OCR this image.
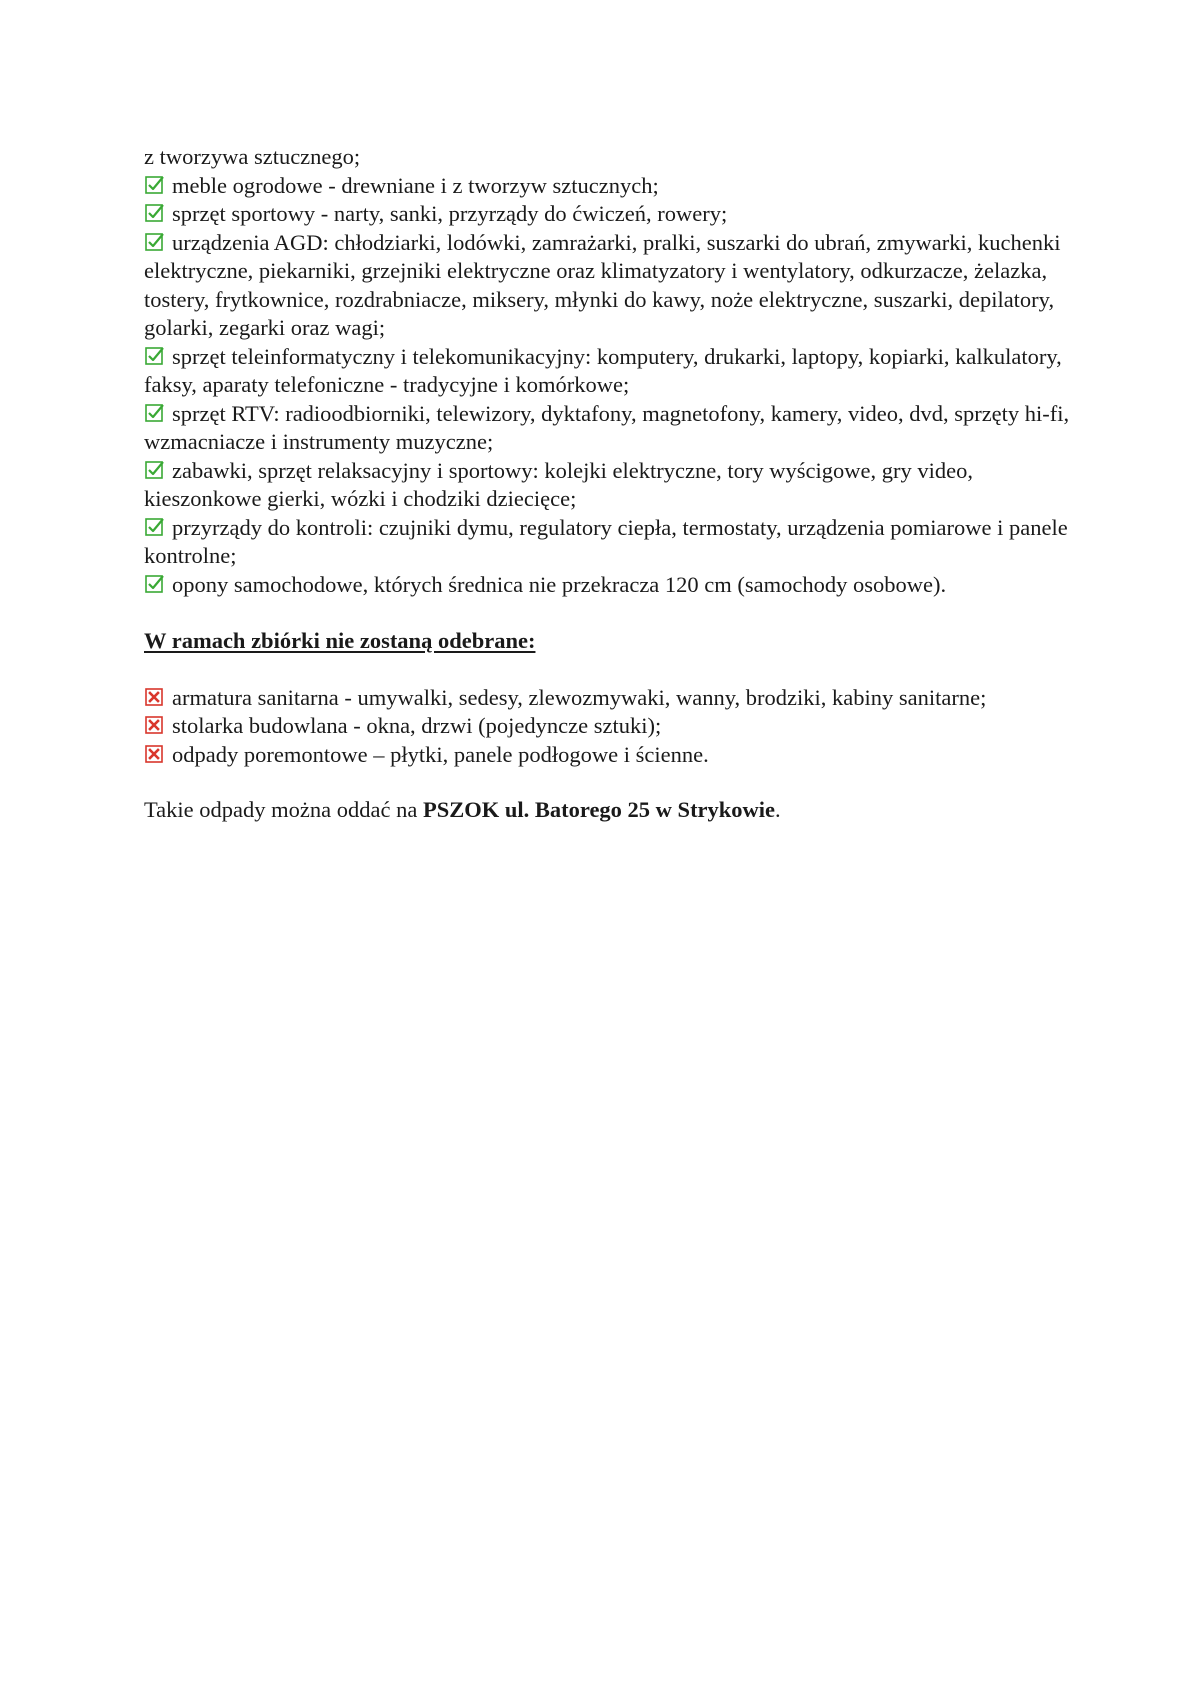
z tworzywa sztucznego;

meble ogrodowe - drewniane i z tworzyw sztucznych;

sprzęt sportowy - narty, sanki, przyrządy do ćwiczeń, rowery;

urządzenia AGD: chłodziarki, lodówki, zamrażarki, pralki, suszarki do ubrań, zmywarki, kuchenki elektryczne, piekarniki, grzejniki elektryczne oraz klimatyzatory i wentylatory, odkurzacze, żelazka, tostery, frytkownice, rozdrabniacze, miksery, młynki do kawy, noże elektryczne, suszarki, depilatory, golarki, zegarki oraz wagi;

sprzęt teleinformatyczny i telekomunikacyjny: komputery, drukarki, laptopy, kopiarki, kalkulatory, faksy, aparaty telefoniczne - tradycyjne i komórkowe;

sprzęt RTV: radioodbiorniki, telewizory, dyktafony, magnetofony, kamery, video, dvd, sprzęty hi-fi, wzmacniacze i instrumenty muzyczne;

zabawki, sprzęt relaksacyjny i sportowy: kolejki elektryczne, tory wyścigowe, gry video, kieszonkowe gierki, wózki i chodziki dziecięce;

przyrządy do kontroli: czujniki dymu, regulatory ciepła, termostaty, urządzenia pomiarowe i panele kontrolne;

opony samochodowe, których średnica nie przekracza 120 cm (samochody osobowe).

W ramach zbiórki nie zostaną odebrane:

armatura sanitarna - umywalki, sedesy, zlewozmywaki, wanny, brodziki, kabiny sanitarne;

stolarka budowlana - okna, drzwi (pojedyncze sztuki);

odpady poremontowe – płytki, panele podłogowe i ścienne.

Takie odpady można oddać na PSZOK ul. Batorego 25 w Strykowie.
